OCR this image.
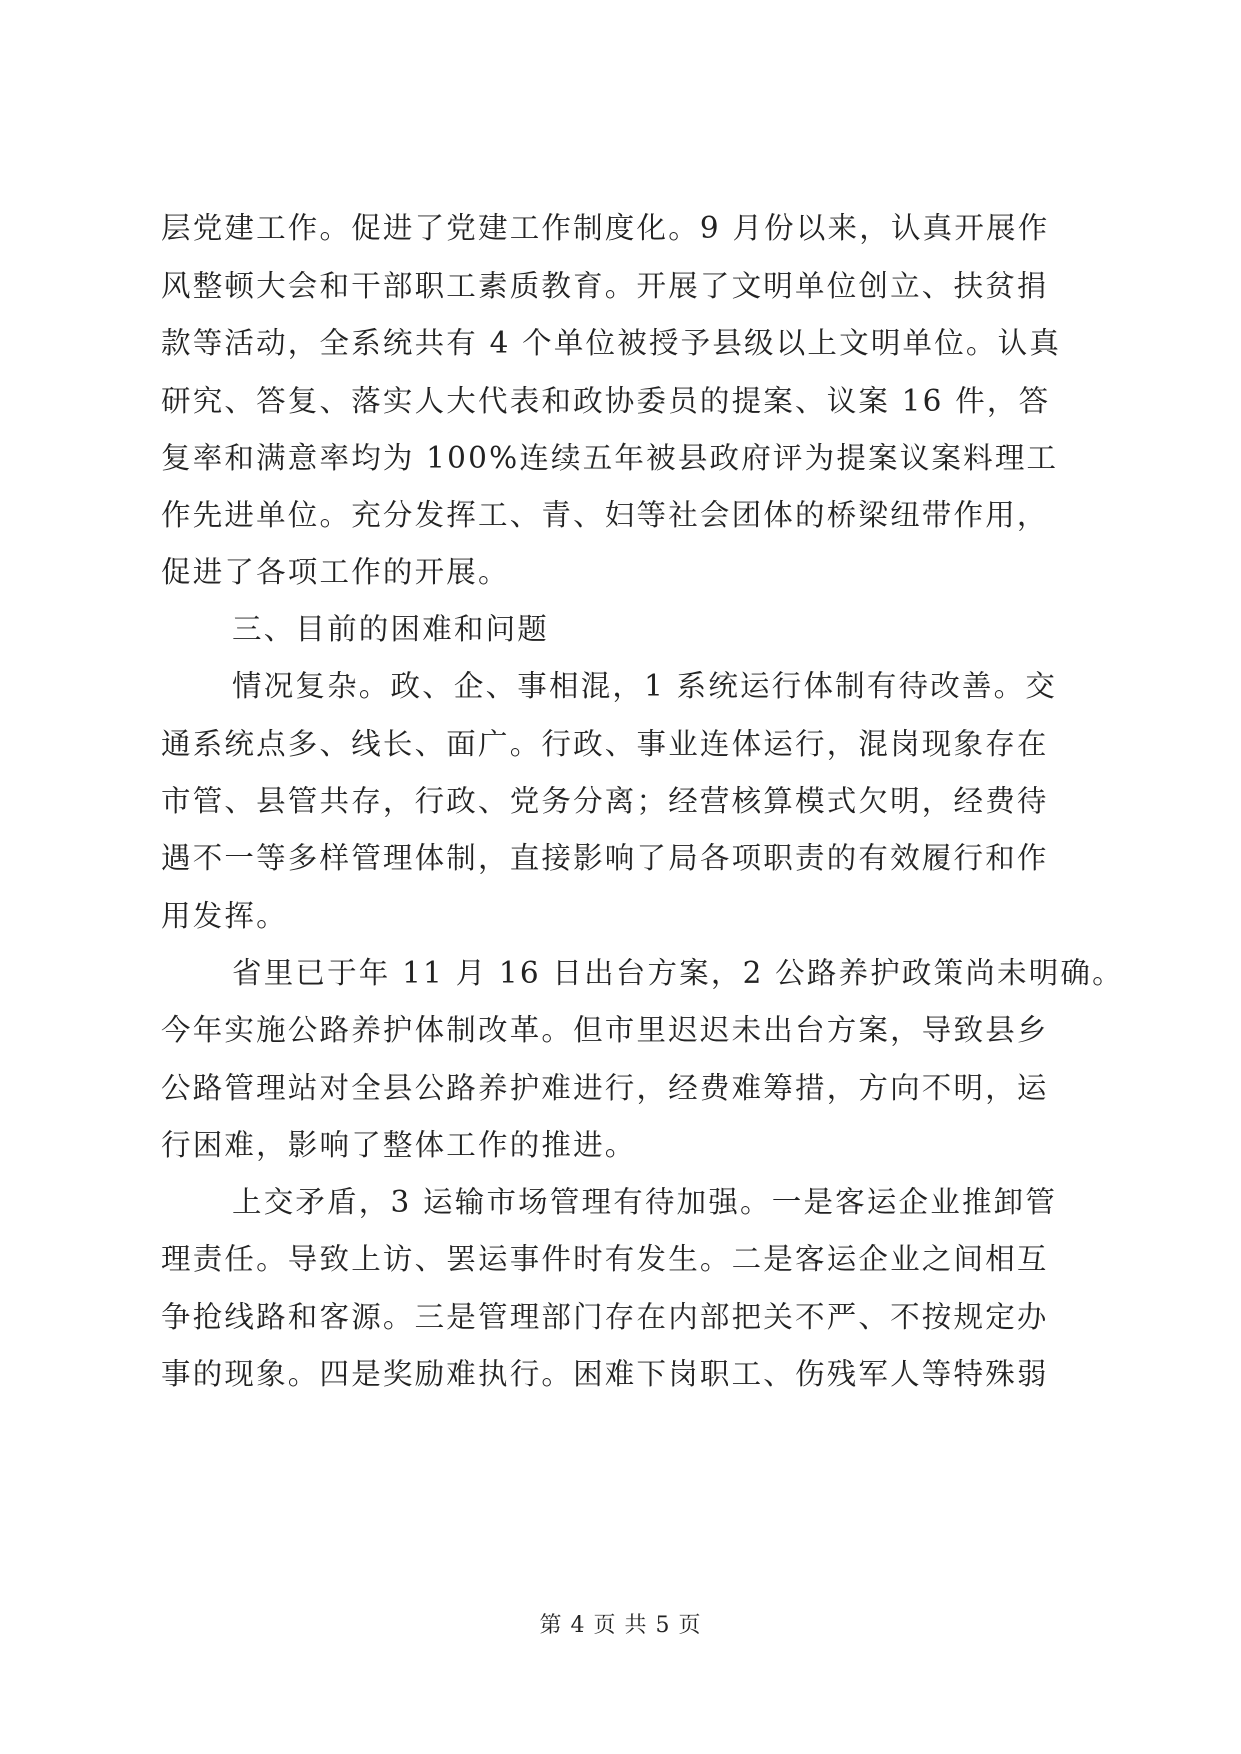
层党建工作。促进了党建工作制度化。9 月份以来，认真开展作
风整顿大会和干部职工素质教育。开展了文明单位创立、扶贫捐
款等活动，全系统共有 4 个单位被授予县级以上文明单位。认真
研究、答复、落实人大代表和政协委员的提案、议案 16 件，答
复率和满意率均为 100%连续五年被县政府评为提案议案料理工
作先进单位。充分发挥工、青、妇等社会团体的桥梁纽带作用，
促进了各项工作的开展。
三、目前的困难和问题
情况复杂。政、企、事相混，1 系统运行体制有待改善。交
通系统点多、线长、面广。行政、事业连体运行，混岗现象存在
市管、县管共存，行政、党务分离；经营核算模式欠明，经费待
遇不一等多样管理体制，直接影响了局各项职责的有效履行和作
用发挥。
省里已于年 11 月 16 日出台方案，2 公路养护政策尚未明确。
今年实施公路养护体制改革。但市里迟迟未出台方案，导致县乡
公路管理站对全县公路养护难进行，经费难筹措，方向不明，运
行困难，影响了整体工作的推进。
上交矛盾，3 运输市场管理有待加强。一是客运企业推卸管
理责任。导致上访、罢运事件时有发生。二是客运企业之间相互
争抢线路和客源。三是管理部门存在内部把关不严、不按规定办
事的现象。四是奖励难执行。困难下岗职工、伤残军人等特殊弱
第 4 页 共 5 页
